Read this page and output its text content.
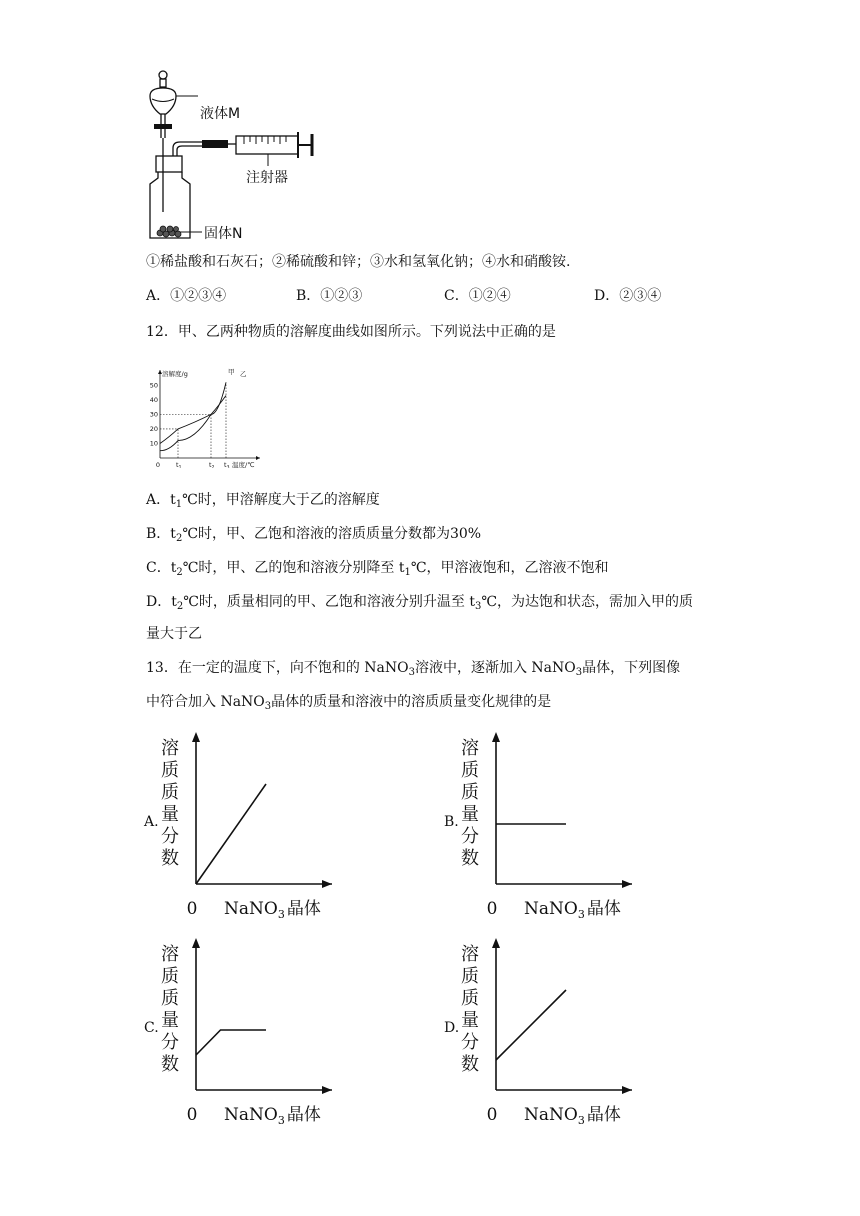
液体M
注射器
固体N
①稀盐酸和石灰石；②稀硫酸和锌；③水和氢氧化钠；④水和硝酸铵.
A．①②③④	B．①②③	C．①②④	D．②③④
12．甲、乙两种物质的溶解度曲线如图所示。下列说法中正确的是
溶解度/g
温度/℃
0
10
20
30
40
50
$t_1$	$t_2$ $t_3$
甲 乙
A．$t_1℃$时，甲溶解度大于乙的溶解度
B．$t_2℃$时，甲、乙饱和溶液的溶质质量分数都为30%
C．$t_2℃$时，甲、乙的饱和溶液分别降至 $t_1℃$，甲溶液饱和，乙溶液不饱和
D．$t_2℃$时，质量相同的甲、乙饱和溶液分别升温至 $t_3℃$，为达饱和状态，需加入甲的质
量大于乙
13．在一定的温度下，向不饱和的 NaNO$_3$溶液中，逐渐加入 NaNO$_3$晶体，下列图像
中符合加入 NaNO$_3$晶体的质量和溶液中的溶质质量变化规律的是
A.
溶
质
质
量
分
数
0 NaNO$_3$ 晶体
B.
溶
质
质
量
分
数
0 NaNO$_3$ 晶体
C.
溶
质
质
量
分
数
0 NaNO$_3$ 晶体
D.
溶
质
质
量
分
数
0 NaNO$_3$ 晶体
